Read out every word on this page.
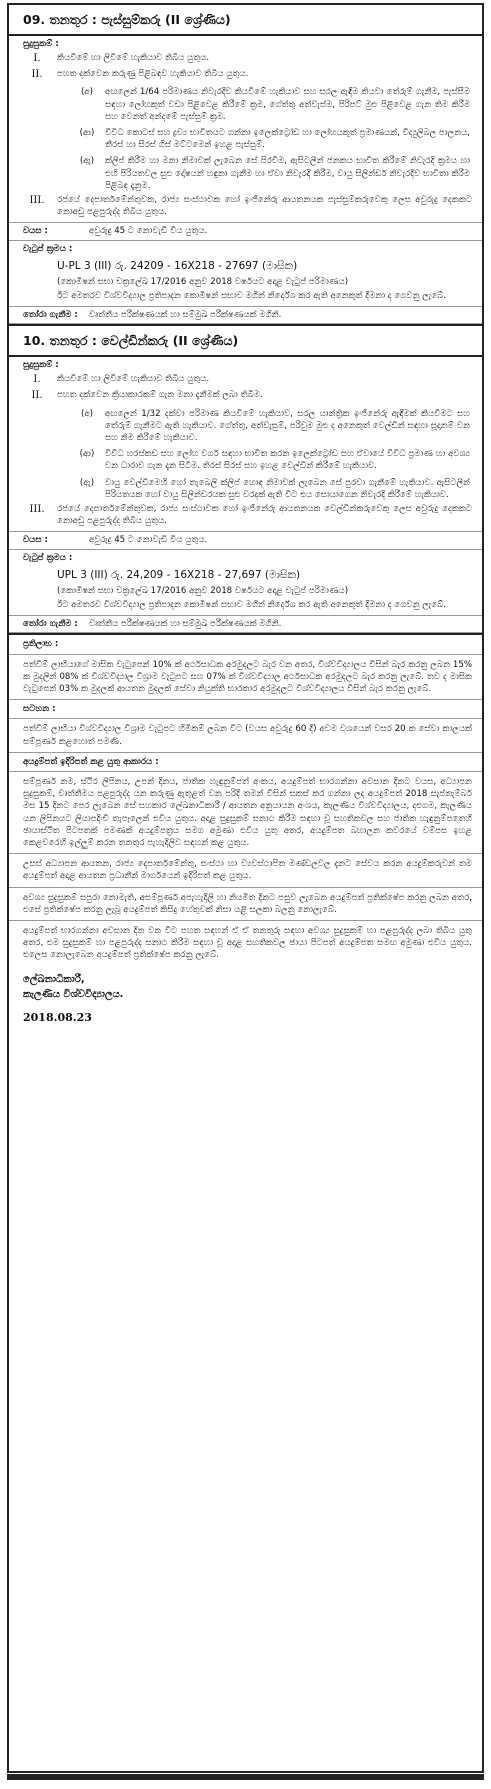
09. තනතුර : පැස්සුම්කරු (II ශ්‍රේණිය)
සුදුසුකම් :
I.	කියවීමේ හා ලිවීමේ හැකියාව තිබිය යුතුය.
II.	පහත දක්වෙන කරුණු පිළිබඳව හැකියාව තිබිය යුතුය.
(අ)	අඟලෙන් 1/64 පරිමාණය නිවැරදිව කියවීමේ හැකියාව සහ සරල ඇඳීම කියවා තේරුම් ගැනීම, පැස්සීම සඳහා ලෝහකුත් වඩා පිළිවෙළ කිරීමේ ක්‍රම, ගේත්තු අත්වැස්ම, පිරිපට් මුළු පිළිවෙළ ගැන තිම කිරීම සහ වෙනත් අන්දමේ පැස්සුම් ක්‍රම.
(ආ)	විවිධ කොටස් සහ ද්‍රව්‍ය භාවිතයට ගන්නා ඉලෙක්ට්‍රෝඩ හා ලෝහයකුත් ප්‍රමාණයන්, විද්‍යුලිබල පාලනය, තීරස් හා සිරස් ගිස් මට්ටමෙන් ඉහළ පැස්සුම්.
(ඇ)	ක්ලිප් කිරීම හා මනා නිමාවක් ලැබෙන සේ පිරවීම, ඇසිටලීන් ජනකය භාවිත කිරීමේ නිවැරදි ක්‍රමය හා එහි පිරියතවල සුළු දෝෂයන් හඳුනා ගැනීම හා ඒවා නිවැරදි කිරීම, වායු සිලින්ඩර් නිවැරදිව භාවිතා කිරීම පිළිබඳ දැනුම.
III.	රජයේ දෙපාර්තමේන්තුවක, රාජ්‍ය සංස්ථාවක හෝ ඉංජිනේරු ආයතනයක පැස්සුම්කරුවෙකු ලෙස අවුරුදු දෙකකට නොඅඩු පළපුරුද්ද තිබිය යුතුය.
වයස :	අවුරුදු 45 ට නොවැඩි විය යුතුය.
වැටුප් ක්‍රමය :
U-PL 3 (III) රු. 24209 - 16X218 - 27697 (මාසික)
(කොමිෂන් සභා චක්‍රලේඛ 17/2016 අනුව 2018 වර්ෂයට අදාළ වැටුප් පරිමාණය)
ඊට අමතරව විශ්වවිද්‍යාල ප්‍රතිපාදන කොමිෂන් සභාව මගින් නිර්දේශ කර ඇති අනෙකුත් දීමනා ද ගෙවනු ලැබේ.
තෝරා ගැනීම :	වෘත්තීය පරීක්ෂණයක් හා සම්මුඛ පරීක්ෂණයක් මගිනි.
10. තනතුර : වෙල්ඩින්කරු (II ශ්‍රේණිය)
සුදුසුකම් :
I.	කියවීමේ හා ලිවීමේ හැකියාව තිබිය යුතුය.
II.	පහත දක්වෙන ක්‍රියාකාරකම් ගැන මනා දැනීමක් ලබා තිබීම.
(අ)	අඟලෙන් 1/32 දක්වා පරිමාණ කියවීමේ හැකියාව, සරල යාන්ත්‍රික ඉංජිනේරු ඇඳීමක් කියවීමට සහ තේරුම් ගැනීමට ඇති හැකියාව. ගේත්තු, අත්වැසුම්, පරිවුම මුළු ද අනෙකුත් වෙල්ඩින් සඳහා සූදානම් වන සහ නිම කිරීමේ හැකියාව.
(ආ)	විවිධ හරස්කඩ සහ ලෝහ වර්ග සඳහා භාවිත කරන ඉලෙක්ට්‍රෝඩ සහ ඒවායේ විවිධ ප්‍රමාණ හා අවශ්‍ය වන ධාරාව ගැන දැන සිටීම. තිරස් සිරස් සහ ඉහළ වෙල්ඩින් කිරීමේ හැකියාව.
(ඇ)	වායු වෙල්ඩිමෙහි හෝ තැබෙලි ක්ලිප් හොඳ නිමාවක් ලැබෙන සේ පුරවා ගැනීමේ හැකියාව. ඇසිටලීන් පිරියතයක හෝ වායු සිලින්ඩරයක සුළු වරදක් ඇති විට එය සොයාගෙන නිවැරදි කිරීමේ හැකියාව.
III.	රජයේ දෙපාර්තමේන්තුවක, රාජ්‍ය සංස්ථාවක හෝ ඉංජිනේරු ආයතනයක වෙල්ඩින්කරුවෙකු ලෙස අවුරුදු දෙකකට නොඅඩු පළපුරුද්ද තිබිය යුතුය.
වයස :	අවුරුදු 45 ට නොවැඩි විය යුතුය.
වැටුප් ක්‍රමය :
UPL 3 (III) රු. 24,209 - 16X218 - 27,697 (මාසික)
(කොමිෂන් සභා චක්‍රලේඛ 17/2016 අනුව 2018 වර්ෂයට අදාළ වැටුප් පරිමාණය)
ඊට අමතරව විශ්වවිද්‍යාල ප්‍රතිපාදන කොමිෂන් සභාව මගින් නිර්දේශ කර ඇති අනෙකුත් දීමනා ද ගෙවනු ලැබේ.
තෝරා ගැනීම :	වෘත්තීය පරීක්ෂණයක් හා සම්මුඛ පරීක්ෂණයක් මගිනි.
ප්‍රතිලාභ :
පත්වීම් ලාභියාගේ මාසික වැටුපෙන් 10% ක් අර්ථසාධක අරමුදලට බැර වන අතර, විශ්වවිද්‍යාලය විසින් බැර කරනු ලබන 15% ක මුදලින් 08% ක් විශ්වවිද්‍යාල විශ්‍රාම වැටුපට සහ 07% ක් විශ්වවිද්‍යාල අර්ථසාධක අරමුදලට බැර කරනු ලැබේ. තව ද මාසික වැටුපෙන් 03% ක මුදලක් ආයතන මුදලක් සේවා නියුක්ති භාරකාර අරමුදලට විශ්වවිද්‍යාලය විසින් බැර කරනු ලැබේ.
සටහන :
පත්වීම් ලාභියා විශ්වවිද්‍යාල විශ්‍රාම වැටුපට හිමිකම් ලබන විට (වයස අවුරුදු 60 දී) අවම වශයෙන් වසර 20 ක සේවා කාලයක් සම්පූර්ණ කළහොත් පමණි.
අයදුම්පත් ඉදිරිපත් කළ යුතු ආකාරය :
සම්පූර්ණ නම, ස්ථිර ලිපිනය, උපන් දිනය, ජාතික හැඳුනුම්පත් අංකය, අයදුම්පත් භාරගන්නා අවසාන දිනට වයස, අධ්‍යාපන සුදුසුකම්, වෘත්තීමය පළපුරුද්ද යන කරුණු ඇතුළත් වන පරිදි තමන් විසින් සකස් කර ගන්නා ලද අයදුම්පත් 2018 සැප්තැම්බර් මස 15 දිනට පෙර ලැබෙන සේ සහකාර ලේඛනාධිකාරී / ආයතන අනුයායන අංශය, කැලණිය විශ්වවිද්‍යාලය, දළුගම, කැලණිය යන ලිපිනයට ලියාපදිංචි තැපෑලෙන් එවිය යුතුය. අදාළ සුදුසුකම් සනාථ කිරීම සඳහා වූ සහතිකවල සහ ජාතික හැඳුනුම්පතෙහි ඡායාස්ථිත පිටපතක් පමණක් අයදුම්පත්‍රය සමග අමුණා එවිය යුතු අතර, අයදුම්පත බහාලන කවරයේ වම්පස ඉහළ කෙළවරෙහි ඉල්ලුම් කරන තනතුර පැහැදිලිව සඳහන් කළ යුතුය.
උසස් අධ්‍යාපන ආයතන, රාජ්‍ය දෙපාර්තමේන්තු, සංස්ථා හා ව්‍යවස්ථාපිත මණ්ඩලවල දැනට සේවය කරන අයදුම්කරුවන් තම අයදුම්පත් අදාළ ආයතන ප්‍රධානීන් මාර්ගයෙන් ඉදිරිපත් කළ යුතුය.
අවශ්‍ය සුදුසුකම් සපුරා නොමැති, අසම්පූර්ණ අපැහැදිලි හා නියමිත දිනට පසුව ලැබෙන අයදුම්පත් ප්‍රතික්ෂේප කරනු ලබන අතර, එසේ ප්‍රතික්ෂේප කරනු ලැබූ අයදුම්පත් කිසිදු හේතුවක් නිසා යළි සලකා බලනු නොලැබේ.
අයදුම්පත් භාරගන්නා අවසාන දින වන විට පහත සඳහන් ඒ ඒ තනතුරු සඳහා අවශ්‍ය සුදුසුකම් හා පළපුරුද්ද ලබා තිබිය යුතු අතර, එම සුදුසුකම් හා පළපුරුද්ද සනාථ කිරීම සඳහා වූ අදාළ සහතිකවල ඡායා පිටපත් අයදුම්පත සමඟ අමුණා එවිය යුතුය. එලෙස නොලැබෙන අයදුම්පත් ප්‍රතික්ෂේප කරනු ලැබේ.
ලේඛනාධිකාරී,
කැලණිය විශ්වවිද්‍යාලය.
2018.08.23
